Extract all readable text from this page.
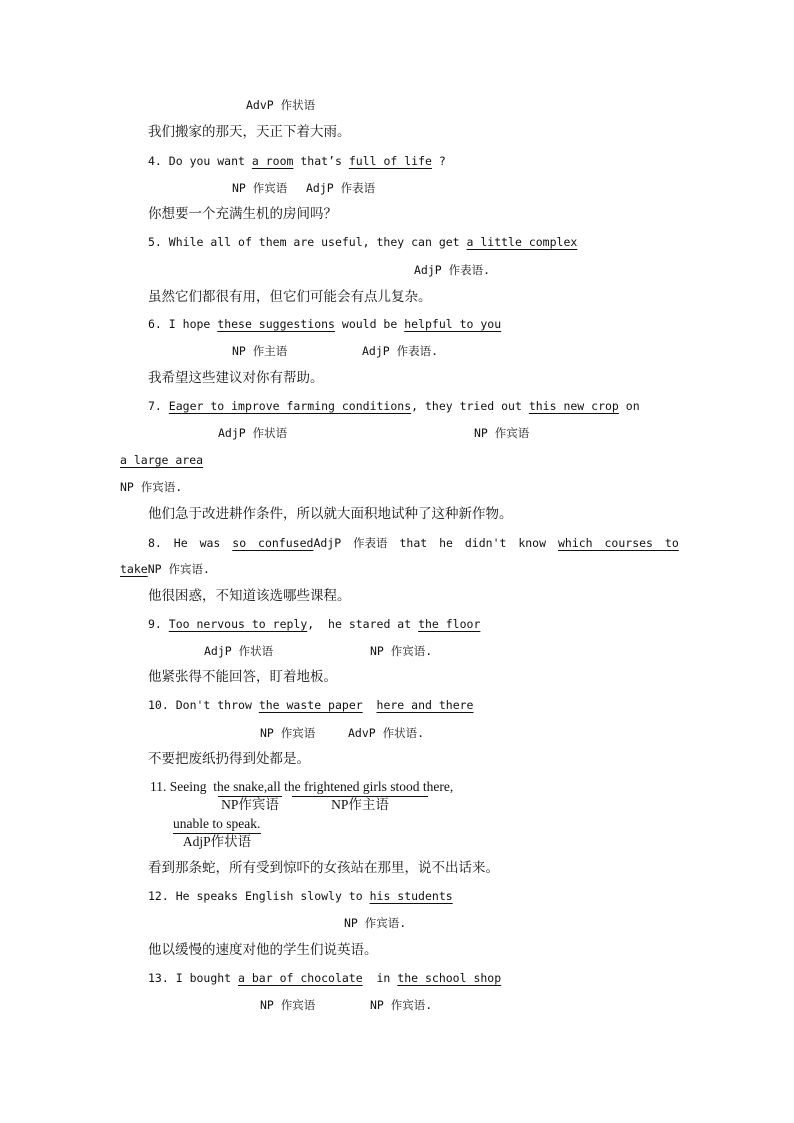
AdvP 作状语
我们搬家的那天，天正下着大雨。
4. Do you want a room that’s full of life ?
NP 作宾语 AdjP 作表语
你想要一个充满生机的房间吗？
5. While all of them are useful, they can get a little complex
AdjP 作表语.
虽然它们都很有用，但它们可能会有点儿复杂。
6. I hope these suggestions would be helpful to you
NP 作主语	AdjP 作表语.
我希望这些建议对你有帮助。
7. Eager to improve farming conditions, they tried out this new crop on
AdjP 作状语	NP 作宾语
a large area
NP 作宾语.
他们急于改进耕作条件，所以就大面积地试种了这种新作物。
8. He was so confusedAdjP 作表语 that he didn't know which courses to
takeNP 作宾语.
他很困惑，不知道该选哪些课程。
9. Too nervous to reply,  he stared at the floor
AdjP 作状语	NP 作宾语.
他紧张得不能回答，盯着地板。
10. Don't throw the waste paper here and there
NP 作宾语	AdvP 作状语.
不要把废纸扔得到处都是。
11. Seeing the snake,all the frightened girls stood there,
NP作宾语	NP作主语
unable to speak.
AdjP作状语
看到那条蛇，所有受到惊吓的女孩站在那里，说不出话来。
12. He speaks English slowly to his students
NP 作宾语.
他以缓慢的速度对他的学生们说英语。
13. I bought a bar of chocolate  in the school shop
NP 作宾语	NP 作宾语.
